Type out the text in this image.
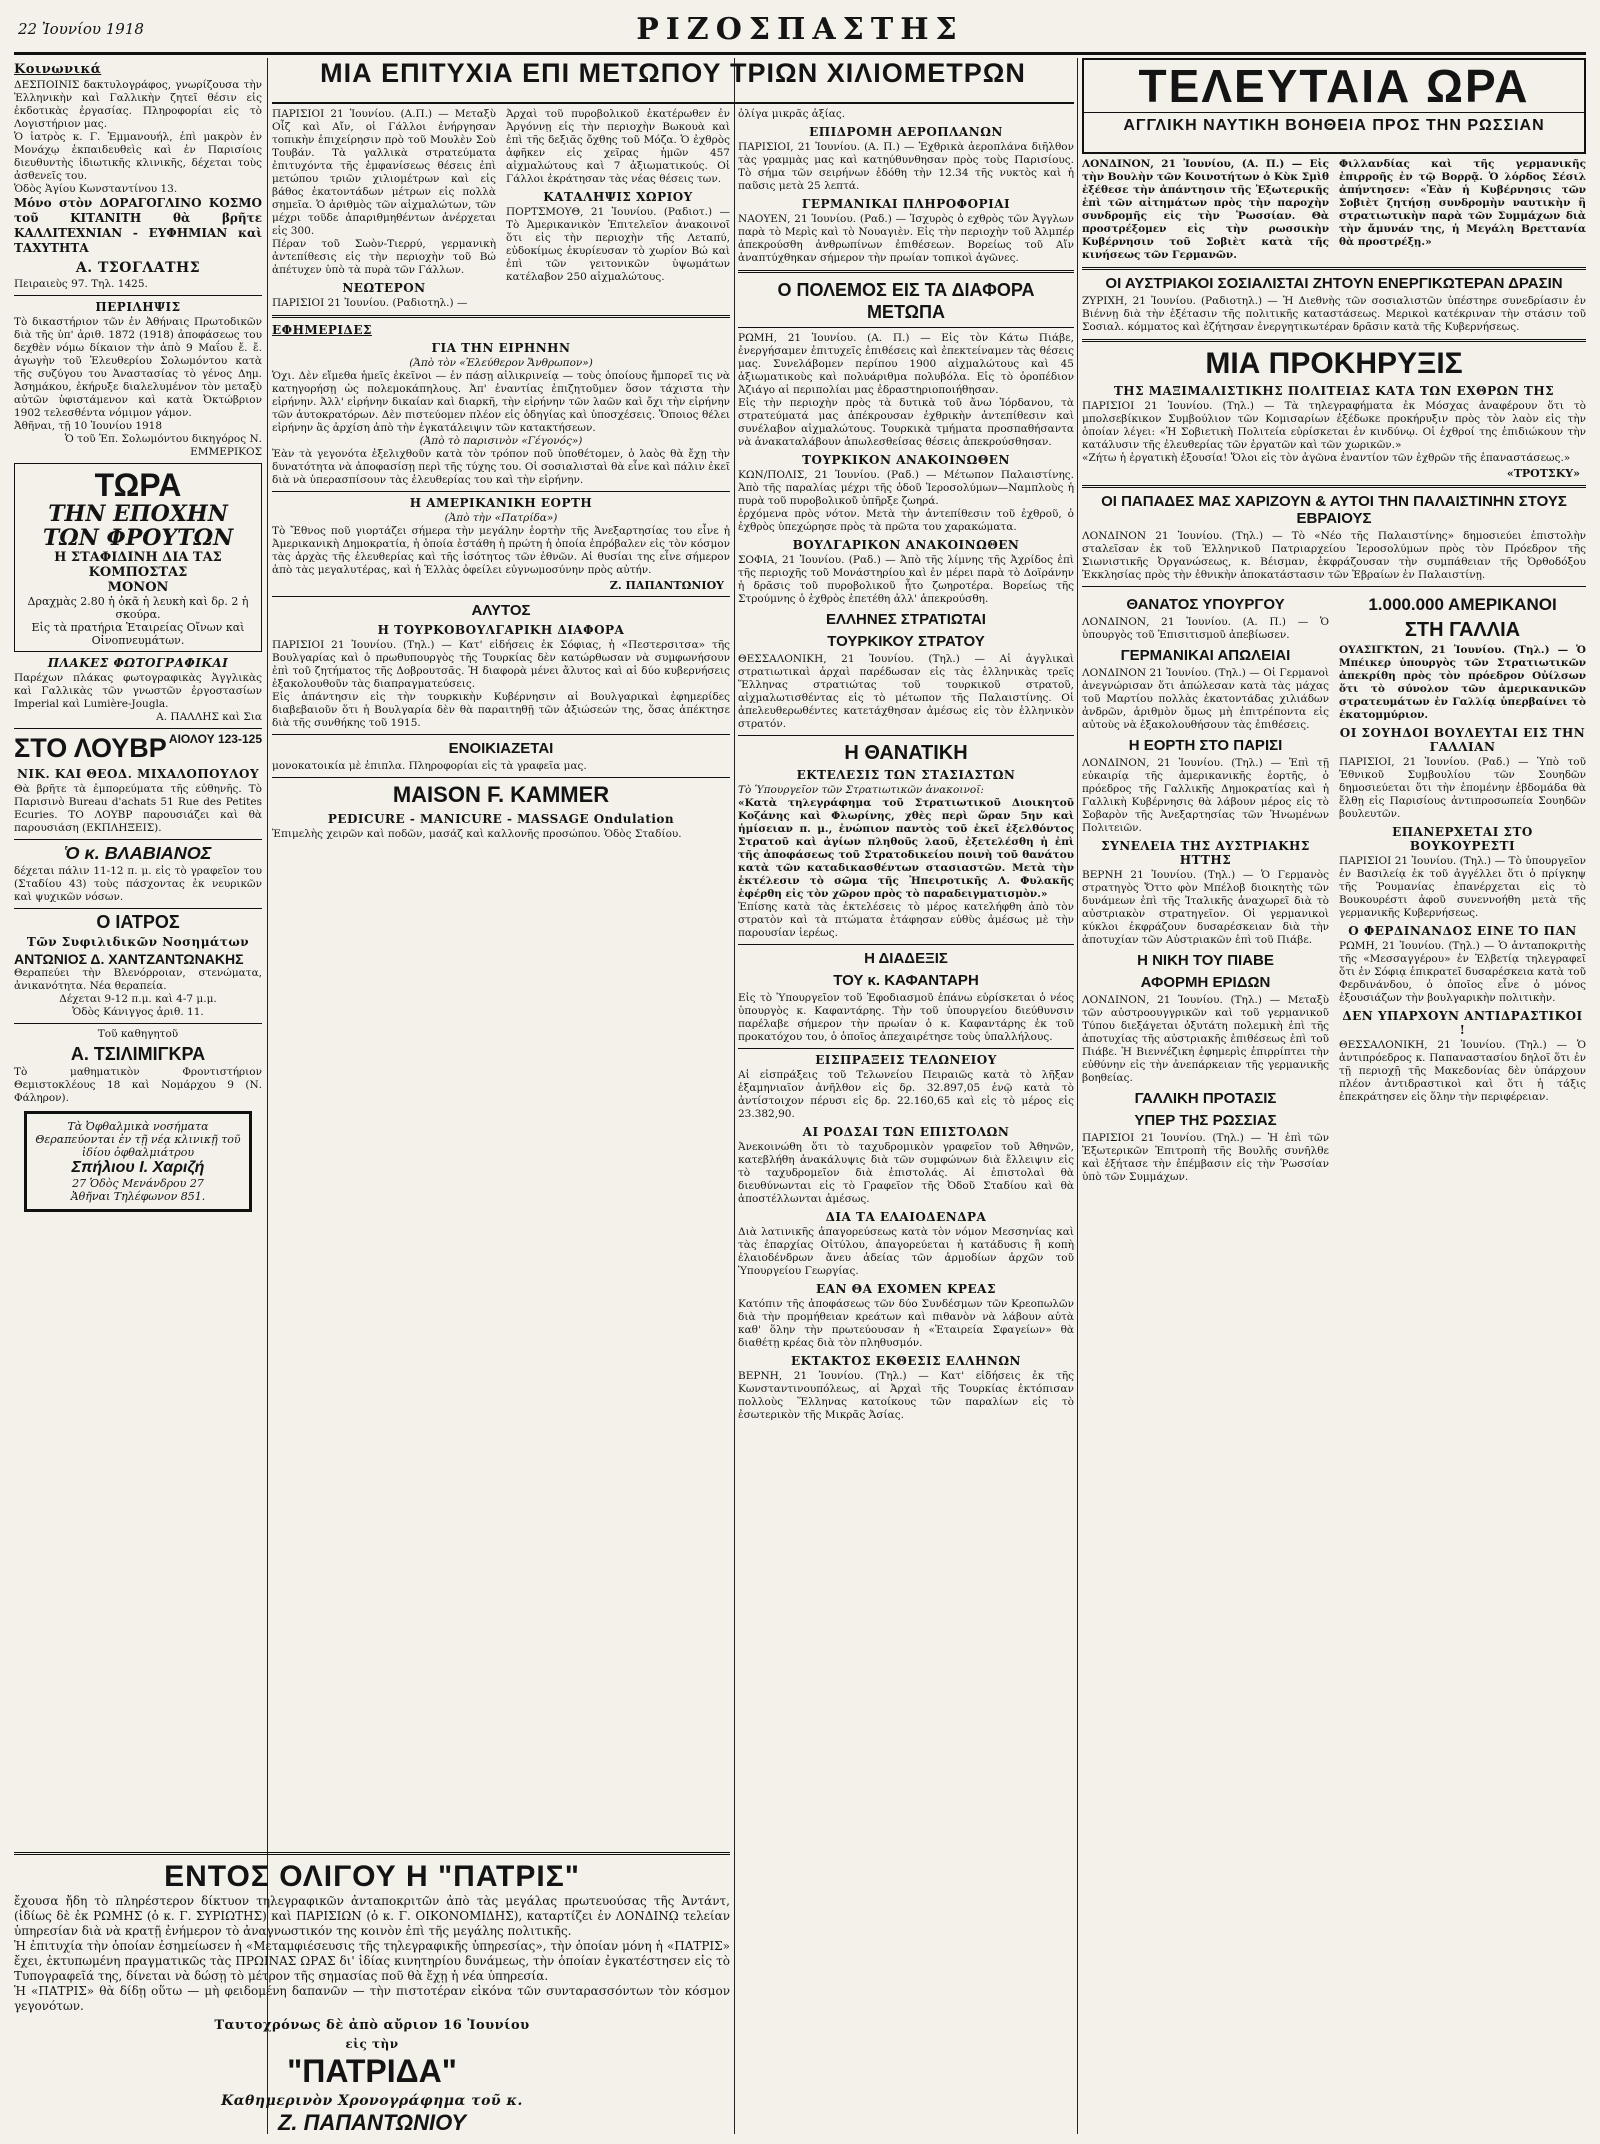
22 Ἰουνίου 1918	ΡΙΖΟΣΠΑΣΤΗΣ
ΜΙΑ ΕΠΙΤΥΧΙΑ ΕΠΙ ΜΕΤΩΠΟΥ ΤΡΙΩΝ ΧΙΛΙΟΜΕΤΡΩΝ
Κοινωνικά

ΔΕΣΠΟΙΝΙΣ δακτυλογράφος, γνωρίζουσα τὴν Ἑλληνικὴν καὶ Γαλλικὴν ζητεῖ θέσιν εἰς ἐκδοτικὰς ἐργασίας. Πληροφορίαι εἰς τὸ Λογιστήριον μας.

Ὁ ἰατρὸς κ. Γ. Ἐμμανουήλ, ἐπὶ μακρὸν ἐν Μονάχῳ ἐκπαιδευθεὶς καὶ ἐν Παρισίοις διευθυντὴς ἰδιωτικῆς κλινικῆς, δέχεται τοὺς ἀσθενεῖς του.

Ὁδὸς Ἁγίου Κωνσταντίνου 13.

Μόνο στὸν ΔΟΡΑΓΟΓΛΙΝΟ ΚΟΣΜΟ τοῦ ΚΙΤΑΝΙΤΗ θὰ βρῆτε ΚΑΛΛΙΤΕΧΝΙΑΝ - ΕΥΦΗΜΙΑΝ καὶ ΤΑΧΥΤΗΤΑ

Α. ΤΣΟΓΛΑΤΗΣ

Πειραιεὺς 97. Τηλ. 1425.

ΠΕΡΙΛΗΨΙΣ

Τὸ δικαστήριον τῶν ἐν Ἀθήναις Πρωτοδικῶν διὰ τῆς ὑπ' ἀριθ. 1872 (1918) ἀποφάσεως του δεχθὲν νόμω δίκαιον τὴν ἀπὸ 9 Μαΐου ἔ. ἔ. ἀγωγὴν τοῦ Ἐλευθερίου Σολωμόντου κατὰ τῆς συζύγου του Ἀναστασίας τὸ γένος Δημ. Ἀσημάκου, ἐκήρυξε διαλελυμένον τὸν μεταξὺ αὐτῶν ὑφιστάμενον καὶ κατὰ Ὀκτώβριον 1902 τελεσθέντα νόμιμον γάμον.

Ἀθῆναι, τῇ 10 Ἰουνίου 1918

Ὁ τοῦ Ἐπ. Σολωμόντου δικηγόρος Ν. ΕΜΜΕΡΙΚΟΣ

ΤΩΡΑ
ΤΗΝ ΕΠΟΧΗΝ ΤΩΝ ΦΡΟΥΤΩΝ
Η ΣΤΑΦΙΔΙΝΗ ΔΙΑ ΤΑΣ ΚΟΜΠΟΣΤΑΣ
ΜΟΝΟΝ
Δραχμὰς 2.80 ἡ ὀκᾶ ἡ λευκὴ καὶ δρ. 2 ἡ σκούρα.
Εἰς τὰ πρατήρια Ἑταιρείας Οἴνων καὶ Οἰνοπνευμάτων.
ΠΛΑΚΕΣ ΦΩΤΟΓΡΑΦΙΚΑΙ

Παρέχων πλάκας φωτογραφικὰς Ἀγγλικὰς καὶ Γαλλικὰς τῶν γνωστῶν ἐργοστασίων Imperial καὶ Lumière-Jougla.

Α. ΠΑΛΛΗΣ καὶ Σια

ΑΙΟΛΟΥ 123-125
ΣΤΟ ΛΟΥΒΡ
ΝΙΚ. ΚΑΙ ΘΕΟΔ. ΜΙΧΑΛΟΠΟΥΛΟΥ

Θὰ βρῆτε τὰ ἐμπορεύματα τῆς εὐθηνῆς. Τὸ Παρισινὸ Bureau d'achats 51 Rue des Petites Ecuries. ΤΟ ΛΟΥΒΡ παρουσιάζει καὶ θὰ παρουσιάση (ΕΚΠΛΗΞΕΙΣ).

Ὁ κ. ΒΛΑΒΙΑΝΟΣ

δέχεται πάλιν 11-12 π. μ. εἰς τὸ γραφεῖον του (Σταδίου 43) τοὺς πάσχοντας ἐκ νευρικῶν καὶ ψυχικῶν νόσων.

Ο ΙΑΤΡΟΣ
Τῶν Συφιλιδικῶν Νοσημάτων
ΑΝΤΩΝΙΟΣ Δ. ΧΑΝΤΖΑΝΤΩΝΑΚΗΣ

Θεραπεύει τὴν Βλενόρροιαν, στενώματα, ἀνικανότητα. Νέα θεραπεία.

Δέχεται 9-12 π.μ. καὶ 4-7 μ.μ.

Ὁδὸς Κάνιγγος ἀριθ. 11.

Τοῦ καθηγητοῦ

Α. ΤΣΙΛΙΜΙΓΚΡΑ

Τὸ μαθηματικὸν Φροντιστήριον Θεμιστοκλέους 18 καὶ Νομάρχου 9 (Ν. Φάληρον).

Τὰ Ὀφθαλμικὰ νοσήματα
Θεραπεύονται ἐν τῇ νέᾳ κλινικῇ τοῦ ἰδίου ὀφθαλμιάτρου
Σπήλιου Ι. Χαριζή
27 Ὁδὸς Μενάνδρου 27
Ἀθῆναι Τηλέφωνον 851.

ΠΑΡΙΣΙΟΙ 21 Ἰουνίου. (Α.Π.) — Μεταξὺ Οἶζ καὶ Αἴν, οἱ Γάλλοι ἐνήργησαν τοπικὴν ἐπιχείρησιν πρὸ τοῦ Μουλὲν Σοὺ Τουβάν. Τὰ γαλλικὰ στρατεύματα ἐπιτυχόντα τῆς ἐμφανίσεως θέσεις ἐπὶ μετώπου τριῶν χιλιομέτρων καὶ εἰς βάθος ἑκατοντάδων μέτρων εἰς πολλὰ σημεῖα. Ὁ ἀριθμὸς τῶν αἰχμαλώτων, τῶν μέχρι τοῦδε ἀπαριθμηθέντων ἀνέρχεται εἰς 300.

Πέραν τοῦ Σωὸν-Τιερρύ, γερμανικὴ ἀντεπίθεσις εἰς τὴν περιοχὴν τοῦ Βώ ἀπέτυχεν ὑπὸ τὰ πυρὰ τῶν Γάλλων.

ΝΕΩΤΕΡΟΝ

ΠΑΡΙΣΙΟΙ 21 Ἰουνίου. (Ραδιοτηλ.) —

Ἀρχαὶ τοῦ πυροβολικοῦ ἑκατέρωθεν ἐν Ἀργόννῃ εἰς τὴν περιοχὴν Βωκουὰ καὶ ἐπὶ τῆς δεξιᾶς ὄχθης τοῦ Μόζα. Ὁ ἐχθρὸς ἀφῆκεν εἰς χεῖρας ἡμῶν 457 αἰχμαλώτους καὶ 7 ἀξιωματικούς. Οἱ Γάλλοι ἐκράτησαν τὰς νέας θέσεις των.

ΚΑΤΑΛΗΨΙΣ ΧΩΡΙΟΥ

ΠΟΡΤΣΜΟΥΘ, 21 Ἰουνίου. (Ραδιοτ.) — Τὸ Ἀμερικανικὸν Ἐπιτελεῖον ἀνακοινοῖ ὅτι εἰς τὴν περιοχὴν τῆς Λεταπύ, εὐδοκίμως ἐκυρίευσαν τὸ χωρίον Βώ καὶ ἐπὶ τῶν γειτονικῶν ὑψωμάτων κατέλαβον 250 αἰχμαλώτους.

ΕΦΗΜΕΡΙΔΕΣ
ΓΙΑ ΤΗΝ ΕΙΡΗΝΗΝ

(Ἀπὸ τὸν «Ἐλεύθερον Ἄνθρωπον»)

Ὁχι. Δὲν εἴμεθα ἡμεῖς ἐκεῖνοι — ἐν πάσῃ αἰλικρινείᾳ — τοὺς ὁποίους ἤμπορεῖ τις νὰ κατηγορήσῃ ὡς πολεμοκάπηλους. Ἀπ' ἐναντίας ἐπιζητοῦμεν ὅσον τάχιστα τὴν εἰρήνην. Ἀλλ' εἰρήνην δικαίαν καὶ διαρκῆ, τὴν εἰρήνην τῶν λαῶν καὶ ὄχι τὴν εἰρήνην τῶν ἀυτοκρατόρων. Δὲν πιστεύομεν πλέον εἰς ὁδηγίας καὶ ὑποσχέσεις. Ὅποιος θέλει εἰρήνην ἂς ἀρχίση ἀπὸ τὴν ἐγκατάλειψιν τῶν κατακτήσεων.

(Ἀπὸ τὸ παρισινὸν «Γέγονός»)

Ἐὰν τὰ γεγονότα ἐξελιχθοῦν κατὰ τὸν τρόπον ποῦ ὑποθέτομεν, ὁ λαὸς θὰ ἔχῃ τὴν δυνατότητα νὰ ἀποφασίσῃ περὶ τῆς τύχης του. Οἱ σοσιαλισταὶ θὰ εἶνε καὶ πάλιν ἐκεῖ διὰ νὰ ὑπερασπίσουν τὰς ἐλευθερίας του καὶ τὴν εἰρήνην.

Η ΑΜΕΡΙΚΑΝΙΚΗ ΕΟΡΤΗ

(Ἀπὸ τὴν «Πατρίδα»)

Τὸ Ἔθνος ποῦ γιορτάζει σήμερα τὴν μεγάλην ἑορτὴν τῆς Ἀνεξαρτησίας του εἶνε ἡ Ἀμερικανικὴ Δημοκρατία, ἡ ὁποία ἐστάθη ἡ πρώτη ἡ ὁποία ἐπρόβαλεν εἰς τὸν κόσμον τὰς ἀρχὰς τῆς ἐλευθερίας καὶ τῆς ἰσότητος τῶν ἐθνῶν. Αἱ θυσίαι της εἶνε σήμερον ἀπὸ τὰς μεγαλυτέρας, καὶ ἡ Ἑλλὰς ὀφείλει εὐγνωμοσύνην πρὸς αὐτήν.

Ζ. ΠΑΠΑΝΤΩΝΙΟΥ
ΑΛΥΤΟΣ
Η ΤΟΥΡΚΟΒΟΥΛΓΑΡΙΚΗ ΔΙΑΦΟΡΑ

ΠΑΡΙΣΙΟΙ 21 Ἰουνίου. (Τηλ.) — Κατ' εἰδήσεις ἐκ Σόφιας, ἡ «Πεστερσιτσα» τῆς Βουλγαρίας καὶ ὁ πρωθυπουργὸς τῆς Τουρκίας δὲν κατώρθωσαν νὰ συμφωνήσουν ἐπὶ τοῦ ζητήματος τῆς Δοβρουτσᾶς. Ἡ διαφορὰ μένει ἄλυτος καὶ αἱ δύο κυβερνήσεις ἐξακολουθοῦν τὰς διαπραγματεύσεις.

Εἰς ἀπάντησιν εἰς τὴν τουρκικὴν Κυβέρνησιν αἱ Βουλγαρικαὶ ἐφημερίδες διαβεβαιοῦν ὅτι ἡ Βουλγαρία δὲν θὰ παραιτηθῇ τῶν ἀξιώσεών της, ὅσας ἀπέκτησε διὰ τῆς συνθήκης τοῦ 1915.

ΕΝΟΙΚΙΑΖΕΤΑΙ

μονοκατοικία μὲ ἐπιπλα. Πληροφορίαι εἰς τὰ γραφεῖα μας.

MAISON F. KAMMER
PEDICURE - MANICURE - MASSAGE Ondulation

Ἐπιμελὴς χειρῶν καὶ ποδῶν, μασάζ καὶ καλλονῆς προσώπου. Ὁδὸς Σταδίου.

ΕΝΤΟΣ ΟΛΙΓΟΥ Η "ΠΑΤΡΙΣ"

ἔχουσα ἤδη τὸ πληρέστερον δίκτυον τηλεγραφικῶν ἀνταποκριτῶν ἀπὸ τὰς μεγάλας πρωτευούσας τῆς Ἀντάντ, (ἰδίως δὲ ἐκ ΡΩΜΗΣ (ὁ κ. Γ. ΣΥΡΙΩΤΗΣ) καὶ ΠΑΡΙΣΙΩΝ (ὁ κ. Γ. ΟΙΚΟΝΟΜΙΔΗΣ), καταρτίζει ἐν ΛΟΝΔΙΝῼ τελείαν ὑπηρεσίαν διὰ νὰ κρατῇ ἐνήμερον τὸ ἀναγνωστικόν της κοινὸν ἐπὶ τῆς μεγάλης πολιτικῆς.

Ἡ ἐπιτυχία τὴν ὁποίαν ἐσημείωσεν ἡ «Μεταμφιέσευσις τῆς τηλεγραφικῆς ὑπηρεσίας», τὴν ὁποίαν μόνη ἡ «ΠΑΤΡΙΣ» ἔχει, ἐκτυπωμένη πραγματικῶς τὰς ΠΡΩΙΝΑΣ ΩΡΑΣ δι' ἰδίας κινητηρίου δυνάμεως, τὴν ὁποίαν ἐγκατέστησεν εἰς τὸ Τυπογραφεῖά της, δίνεται νὰ δώσῃ τὸ μέτρον τῆς σημασίας ποῦ θὰ ἔχῃ ἡ νέα ὑπηρεσία.

Ἡ «ΠΑΤΡΙΣ» θὰ δίδῃ οὕτω — μὴ φειδομένη δαπανῶν — τὴν πιστοτέραν εἰκόνα τῶν συνταρασσόντων τὸν κόσμον γεγονότων.

Ταυτοχρόνως δὲ ἀπὸ αὔριον 16 Ἰουνίου
εἰς τὴν
"ΠΑΤΡΙΔΑ"
Καθημερινὸν Χρονογράφημα τοῦ κ.
Ζ. ΠΑΠΑΝΤΩΝΙΟΥ

ὀλίγα μικρᾶς ἀξίας.

ΕΠΙΔΡΟΜΗ ΑΕΡΟΠΛΑΝΩΝ

ΠΑΡΙΣΙΟΙ, 21 Ἰουνίου. (Α. Π.) — Ἐχθρικὰ ἀεροπλάνα διῆλθον τὰς γραμμὰς μας καὶ κατηύθυνθησαν πρὸς τοὺς Παρισίους. Τὸ σήμα τῶν σειρήνων ἐδόθη τὴν 12.34 τῆς νυκτὸς καὶ ἡ παῦσις μετὰ 25 λεπτά.

ΓΕΡΜΑΝΙΚΑΙ ΠΛΗΡΟΦΟΡΙΑΙ

ΝΑΟΥΕΝ, 21 Ἰουνίου. (Ραδ.) — Ἰσχυρὸς ὁ εχθρὸς τῶν Ἀγγλων παρὰ τὸ Μερὶς καὶ τὸ Νουαγιὲν. Εἰς τὴν περιοχὴν τοῦ Ἀλμπέρ ἀπεκρούσθη ἀνθρωπίνων ἐπιθέσεων. Βορείως τοῦ Αἴν ἀναπτύχθηκαν σήμερον τὴν πρωίαν τοπικοὶ ἀγῶνες.

Ο ΠΟΛΕΜΟΣ ΕΙΣ ΤΑ ΔΙΑΦΟΡΑ ΜΕΤΩΠΑ

ΡΩΜΗ, 21 Ἰουνίου. (Α. Π.) — Εἰς τὸν Κάτω Πιάβε, ἐνεργήσαμεν ἐπιτυχεῖς ἐπιθέσεις καὶ ἐπεκτείναμεν τὰς θέσεις μας. Συνελάβομεν περίπου 1900 αἰχμαλώτους καὶ 45 ἀξιωματικοὺς καὶ πολυάριθμα πολυβόλα. Εἰς τὸ ὀροπέδιον Ἀζιάγο αἱ περιπολίαι μας ἐδραστηριοποιήθησαν.

Εἰς τὴν περιοχὴν πρὸς τὰ δυτικὰ τοῦ ἄνω Ἰόρδανου, τὰ στρατεύματά μας ἀπέκρουσαν ἐχθρικὴν ἀντεπίθεσιν καὶ συνέλαβον αἰχμαλώτους. Τουρκικὰ τμήματα προσπαθήσαντα νὰ ἀνακαταλάβουν ἀπωλεσθείσας θέσεις ἀπεκρούσθησαν.

ΤΟΥΡΚΙΚΟΝ ΑΝΑΚΟΙΝΩΘΕΝ

ΚΩΝ/ΠΟΛΙΣ, 21 Ἰουνίου. (Ραδ.) — Μέτωπον Παλαιστίνης. Ἀπὸ τῆς παραλίας μέχρι τῆς ὁδοῦ Ἱεροσολύμων—Ναμπλοὺς ἡ πυρὰ τοῦ πυροβολικοῦ ὑπῆρξε ζωηρά.

ἐρχόμενα πρὸς νότον. Μετὰ τὴν ἀντεπίθεσιν τοῦ ἐχθροῦ, ὁ ἐχθρὸς ὑπεχώρησε πρὸς τὰ πρῶτα του χαρακώματα.

ΒΟΥΛΓΑΡΙΚΟΝ ΑΝΑΚΟΙΝΩΘΕΝ

ΣΟΦΙΑ, 21 Ἰουνίου. (Ραδ.) — Ἀπὸ τῆς λίμνης τῆς Ἀχρίδος ἐπὶ τῆς περιοχῆς τοῦ Μονάστηρίου καὶ ἐν μέρει παρὰ τὸ Δοϊράνην ἡ δρᾶσις τοῦ πυροβολικοῦ ἦτο ζωηροτέρα. Βορείως τῆς Στρούμνης ὁ ἐχθρὸς ἐπετέθη ἀλλ' ἀπεκρούσθη.

ΕΛΛΗΝΕΣ ΣΤΡΑΤΙΩΤΑΙ
ΤΟΥΡΚΙΚΟΥ ΣΤΡΑΤΟΥ

ΘΕΣΣΑΛΟΝΙΚΗ, 21 Ἰουνίου. (Τηλ.) — Αἱ ἀγγλικαὶ στρατιωτικαὶ ἀρχαὶ παρέδωσαν εἰς τὰς ἑλληνικὰς τρεῖς Ἕλληνας στρατιώτας τοῦ τουρκικοῦ στρατοῦ, αἰχμαλωτισθέντας εἰς τὸ μέτωπον τῆς Παλαιστίνης. Οἱ ἀπελευθερωθέντες κατετάχθησαν ἀμέσως εἰς τὸν ἑλληνικὸν στρατόν.

Η ΘΑΝΑΤΙΚΗ
ΕΚΤΕΛΕΣΙΣ ΤΩΝ ΣΤΑΣΙΑΣΤΩΝ

Τὸ Ὑπουργεῖον τῶν Στρατιωτικῶν ἀνακοινοῖ:

«Κατὰ τηλεγράφημα τοῦ Στρατιωτικοῦ Διοικητοῦ Κοζάνης καὶ Φλωρίνης, χθὲς περὶ ὥραν 5ην καὶ ἡμίσειαν π. μ., ἐνώπιον παντὸς τοῦ ἐκεῖ ἐξελθόντος Στρατοῦ καὶ ἀγίων πληθοῦς λαοῦ, ἐξετελέσθη ἡ ἐπὶ τῆς ἀποφάσεως τοῦ Στρατοδικείου ποινὴ τοῦ θανάτου κατὰ τῶν καταδικασθέντων στασιαστῶν. Μετὰ τὴν ἐκτέλεσιν τὸ σῶμα τῆς Ἠπειροτικῆς Λ. Φυλακῆς ἐφέρθη εἰς τὸν χῶρον πρὸς τὸ παραδειγματισμὸν.»

Ἐπίσης κατὰ τὰς ἐκτελέσεις τὸ μέρος κατελήφθη ἀπὸ τὸν στρατὸν καὶ τὰ πτώματα ἐτάφησαν εὐθὺς ἀμέσως μὲ τὴν παρουσίαν ἰερέως.

Η ΔΙΑΔΕΞΙΣ
ΤΟΥ κ. ΚΑΦΑΝΤΑΡΗ

Εἰς τὸ Ὑπουργεῖον τοῦ Ἐφοδιασμοῦ ἐπάνω εὑρίσκεται ὁ νέος ὑπουργὸς κ. Καφαντάρης. Τὴν τοῦ ὑπουργείου διεύθυνσιν παρέλαβε σήμερον τὴν πρωίαν ὁ κ. Καφαντάρης ἐκ τοῦ προκατόχου του, ὁ ὁποῖος ἀπεχαιρέτησε τοὺς ὑπαλλήλους.

ΕΙΣΠΡΑΞΕΙΣ ΤΕΛΩΝΕΙΟΥ

Αἱ εἰσπράξεις τοῦ Τελωνείου Πειραιῶς κατὰ τὸ λῆξαν ἑξαμηνιαῖον ἀνῆλθον εἰς δρ. 32.897,05 ἐνῷ κατὰ τὸ ἀντίστοιχον πέρυσι εἰς δρ. 22.160,65 καὶ εἰς τὸ μέρος εἰς 23.382,90.

ΑΙ ΡΟΔΣΑΙ ΤΩΝ ΕΠΙΣΤΟΛΩΝ

Ἀνεκοινώθη ὅτι τὸ ταχυδρομικὸν γραφεῖον τοῦ Ἀθηνῶν, κατεβλήθη ἀνακάλυψις διὰ τῶν συμφώνων διὰ ἔλλειψιν εἰς τὸ ταχυδρομεῖον διὰ ἐπιστολάς. Αἱ ἐπιστολαὶ θὰ διευθύνωνται εἰς τὸ Γραφεῖον τῆς Ὀδοῦ Σταδίου καὶ θὰ ἀποστέλλωνται ἀμέσως.

ΔΙΑ ΤΑ ΕΛΑΙΟΔΕΝΔΡΑ

Διὰ λατινικῆς ἀπαγορεύσεως κατὰ τὸν νόμον Μεσσηνίας καὶ τὰς ἐπαρχίας Οἰτύλου, ἀπαγορεύεται ἡ κατάδυσις ἢ κοπὴ ἐλαιοδένδρων ἄνευ ἀδείας τῶν ἀρμοδίων ἀρχῶν τοῦ Ὑπουργείου Γεωργίας.

ΕΑΝ ΘΑ ΕΧΟΜΕΝ ΚΡΕΑΣ

Κατόπιν τῆς ἀποφάσεως τῶν δύο Συνδέσμων τῶν Κρεοπωλῶν διὰ τὴν προμήθειαν κρεάτων καὶ πιθανὸν νὰ λάβουν αὐτὰ καθ' ὅλην τὴν πρωτεύουσαν ἡ «Ἑταιρεία Σφαγείων» θὰ διαθέτῃ κρέας διὰ τὸν πληθυσμόν.

ΕΚΤΑΚΤΟΣ ΕΚΘΕΣΙΣ ΕΛΛΗΝΩΝ

ΒΕΡΝΗ, 21 Ἰουνίου. (Τηλ.) — Κατ' εἰδήσεις ἐκ τῆς Κωνσταντινουπόλεως, αἱ Ἀρχαὶ τῆς Τουρκίας ἐκτόπισαν πολλοὺς Ἕλληνας κατοίκους τῶν παραλίων εἰς τὸ ἐσωτερικὸν τῆς Μικρᾶς Ἀσίας.

ΤΕΛΕΥΤΑΙΑ ΩΡΑ
ΑΓΓΛΙΚΗ ΝΑΥΤΙΚΗ ΒΟΗΘΕΙΑ ΠΡΟΣ ΤΗΝ ΡΩΣΣΙΑΝ

ΛΟΝΔΙΝΟΝ, 21 Ἰουνίου, (Α. Π.) — Εἰς τὴν Βουλὴν τῶν Κοινοτήτων ὁ Κὺκ Σμὶθ ἐξέθεσε τὴν ἀπάντησιν τῆς Ἑξωτερικῆς ἐπὶ τῶν αἰτημάτων πρὸς τὴν παροχὴν συνδρομῆς εἰς τὴν Ῥωσσίαν. Θὰ προστρέξομεν εἰς τὴν ρωσσικὴν Κυβέρνησιν τοῦ Σοβιὲτ κατὰ τῆς κινήσεως τῶν Γερμανῶν.

Φιλλανδίας καὶ τῆς γερμανικῆς ἐπιρροῆς ἐν τῷ Βορρᾷ. Ὁ λόρδος Σέσιλ ἀπήντησεν: «Ἐὰν ἡ Κυβέρνησις τῶν Σοβιὲτ ζητήσῃ συνδρομὴν ναυτικὴν ἢ στρατιωτικὴν παρὰ τῶν Συμμάχων διὰ τὴν ἄμυνάν της, ἡ Μεγάλη Βρεττανία θὰ προστρέξῃ.»

ΟΙ ΑΥΣΤΡΙΑΚΟΙ ΣΟΣΙΑΛΙΣΤΑΙ ΖΗΤΟΥΝ ΕΝΕΡΓΙΚΩΤΕΡΑΝ ΔΡΑΣΙΝ

ΖΥΡΙΧΗ, 21 Ἰουνίου. (Ραδιοτηλ.) — Ἡ Διεθνὴς τῶν σοσιαλιστῶν ὑπέστηρε συνεδρίασιν ἐν Βιέννῃ διὰ τὴν ἐξέτασιν τῆς πολιτικῆς καταστάσεως. Μερικοὶ κατέκριναν τὴν στάσιν τοῦ Σοσιαλ. κόμματος καὶ ἐζήτησαν ἐνεργητικωτέραν δρᾶσιν κατὰ τῆς Κυβερνήσεως.

ΜΙΑ ΠΡΟΚΗΡΥΞΙΣ
ΤΗΣ ΜΑΞΙΜΑΛΙΣΤΙΚΗΣ ΠΟΛΙΤΕΙΑΣ ΚΑΤΑ ΤΩΝ ΕΧΘΡΩΝ ΤΗΣ

ΠΑΡΙΣΙΟΙ 21 Ἰουνίου. (Τηλ.) — Τὰ τηλεγραφήματα ἐκ Μόσχας ἀναφέρουν ὅτι τὸ μπολσεβίκικον Συμβούλιον τῶν Κομισαρίων ἐξέδωκε προκήρυξιν πρὸς τὸν λαὸν εἰς τὴν ὁποίαν λέγει: «Ἡ Σοβιετικὴ Πολιτεία εὑρίσκεται ἐν κινδύνῳ. Οἱ ἐχθροί της ἐπιδιώκουν τὴν κατάλυσιν τῆς ἐλευθερίας τῶν ἐργατῶν καὶ τῶν χωρικῶν.»

«Ζήτω ἡ ἐργατικὴ ἐξουσία! Ὅλοι εἰς τὸν ἀγῶνα ἐναντίον τῶν ἐχθρῶν τῆς ἐπαναστάσεως.»

«ΤΡΟΤΣΚΥ»
ΟΙ ΠΑΠΑΔΕΣ ΜΑΣ ΧΑΡΙΖΟΥΝ & ΑΥΤΟΙ ΤΗΝ ΠΑΛΑΙΣΤΙΝΗΝ ΣΤΟΥΣ ΕΒΡΑΙΟΥΣ

ΛΟΝΔΙΝΟΝ 21 Ἰουνίου. (Τηλ.) — Τὸ «Νέο τῆς Παλαιστίνης» δημοσιεύει ἐπιστολὴν σταλεῖσαν ἐκ τοῦ Ἑλληνικοῦ Πατριαρχείου Ἱεροσολύμων πρὸς τὸν Πρόεδρον τῆς Σιωνιστικῆς Ὀργανώσεως, κ. Βέισμαν, ἐκφράζουσαν τὴν συμπάθειαν τῆς Ὀρθοδόξου Ἐκκλησίας πρὸς τὴν ἐθνικὴν ἀποκατάστασιν τῶν Ἑβραίων ἐν Παλαιστίνῃ.

ΘΑΝΑΤΟΣ ΥΠΟΥΡΓΟΥ

ΛΟΝΔΙΝΟΝ, 21 Ἰουνίου. (Α. Π.) — Ὁ ὑπουργὸς τοῦ Ἐπισιτισμοῦ ἀπεβίωσεν.

ΓΕΡΜΑΝΙΚΑΙ ΑΠΩΛΕΙΑΙ

ΛΟΝΔΙΝΟΝ 21 Ἰουνίου. (Τηλ.) — Οἱ Γερμανοὶ ἀνεγνώρισαν ὅτι ἀπώλεσαν κατὰ τὰς μάχας τοῦ Μαρτίου πολλὰς ἑκατοντάδας χιλιάδων ἀνδρῶν, ἀριθμὸν ὅμως μὴ ἐπιτρέποντα εἰς αὐτοὺς νὰ ἐξακολουθήσουν τὰς ἐπιθέσεις.

Η ΕΟΡΤΗ ΣΤΟ ΠΑΡΙΣΙ

ΛΟΝΔΙΝΟΝ, 21 Ἰουνίου. (Τηλ.) — Ἐπὶ τῇ εὐκαιρίᾳ τῆς ἀμερικανικῆς ἑορτῆς, ὁ πρόεδρος τῆς Γαλλικῆς Δημοκρατίας καὶ ἡ Γαλλικὴ Κυβέρνησις θὰ λάβουν μέρος εἰς τὸ Σοβαρὸν τῆς Ἀνεξαρτησίας τῶν Ἡνωμένων Πολιτειῶν.

ΣΥΝΕΛΕΙΑ ΤΗΣ ΑΥΣΤΡΙΑΚΗΣ ΗΤΤΗΣ

ΒΕΡΝΗ 21 Ἰουνίου. (Τηλ.) — Ὁ Γερμανὸς στρατηγὸς Ὄττο φὸν Μπέλοβ διοικητὴς τῶν δυνάμεων ἐπὶ τῆς Ἰταλικῆς ἀναχωρεῖ διὰ τὸ αὐστριακὸν στρατηγεῖον. Οἱ γερμανικοὶ κύκλοι ἐκφράζουν δυσαρέσκειαν διὰ τὴν ἀποτυχίαν τῶν Αὐστριακῶν ἐπὶ τοῦ Πιάβε.

Η ΝΙΚΗ ΤΟΥ ΠΙΑΒΕ
ΑΦΟΡΜΗ ΕΡΙΔΩΝ

ΛΟΝΔΙΝΟΝ, 21 Ἰουνίου. (Τηλ.) — Μεταξὺ τῶν αὐστροουγγρικῶν καὶ τοῦ γερμανικοῦ Τύπου διεξάγεται ὀξυτάτη πολεμικὴ ἐπὶ τῆς ἀποτυχίας τῆς αὐστριακῆς ἐπιθέσεως ἐπὶ τοῦ Πιάβε. Ἡ Βιεννέζικη ἐφημερὶς ἐπιρρίπτει τὴν εὐθύνην εἰς τὴν ἀνεπάρκειαν τῆς γερμανικῆς βοηθείας.

ΓΑΛΛΙΚΗ ΠΡΟΤΑΣΙΣ
ΥΠΕΡ ΤΗΣ ΡΩΣΣΙΑΣ

ΠΑΡΙΣΙΟΙ 21 Ἰουνίου. (Τηλ.) — Ἡ ἐπὶ τῶν Ἐξωτερικῶν Ἐπιτροπὴ τῆς Βουλῆς συνῆλθε καὶ ἐξήτασε τὴν ἐπέμβασιν εἰς τὴν Ῥωσσίαν ὑπὸ τῶν Συμμάχων.

1.000.000 ΑΜΕΡΙΚΑΝΟΙ
ΣΤΗ ΓΑΛΛΙΑ

ΟΥΑΣΙΓΚΤΩΝ, 21 Ἰουνίου. (Τηλ.) — Ὁ Μπέικερ ὑπουργὸς τῶν Στρατιωτικῶν ἀπεκρίθη πρὸς τὸν πρόεδρον Οὐίλσων ὅτι τὸ σύνολον τῶν ἀμερικανικῶν στρατευμάτων ἐν Γαλλίᾳ ὑπερβαίνει τὸ ἑκατομμύριον.

ΟΙ ΣΟΥΗΔΟΙ ΒΟΥΛΕΥΤΑΙ ΕΙΣ ΤΗΝ ΓΑΛΛΙΑΝ

ΠΑΡΙΣΙΟΙ, 21 Ἰουνίου. (Ραδ.) — Ὑπὸ τοῦ Ἐθνικοῦ Συμβουλίου τῶν Σουηδῶν δημοσιεύεται ὅτι τὴν ἑπομένην ἑβδομάδα θὰ ἔλθῃ εἰς Παρισίους ἀντιπροσωπεία Σουηδῶν βουλευτῶν.

ΕΠΑΝΕΡΧΕΤΑΙ ΣΤΟ ΒΟΥΚΟΥΡΕΣΤΙ

ΠΑΡΙΣΙΟΙ 21 Ἰουνίου. (Τηλ.) — Τὸ ὑπουργεῖον ἐν Βασιλείᾳ ἐκ τοῦ ἀγγέλλει ὅτι ὁ πρίγκηψ τῆς Ῥουμανίας ἐπανέρχεται εἰς τὸ Βουκουρέστι ἀφοῦ συνεννοήθη μετὰ τῆς γερμανικῆς Κυβερνήσεως.

Ο ΦΕΡΔΙΝΑΝΔΟΣ ΕΙΝΕ ΤΟ ΠΑΝ

ΡΩΜΗ, 21 Ἰουνίου. (Τηλ.) — Ὁ ἀνταποκριτὴς τῆς «Μεσσαγγέρου» ἐν Ἑλβετίᾳ τηλεγραφεῖ ὅτι ἐν Σόφιᾳ ἐπικρατεῖ δυσαρέσκεια κατὰ τοῦ Φερδινάνδου, ὁ ὁποῖος εἶνε ὁ μόνος ἐξουσιάζων τὴν βουλγαρικὴν πολιτικὴν.

ΔΕΝ ΥΠΑΡΧΟΥΝ ΑΝΤΙΔΡΑΣΤΙΚΟΙ !

ΘΕΣΣΑΛΟΝΙΚΗ, 21 Ἰουνίου. (Τηλ.) — Ὁ ἀντιπρόεδρος κ. Παπαναστασίου δηλοῖ ὅτι ἐν τῇ περιοχῇ τῆς Μακεδονίας δὲν ὑπάρχουν πλέον ἀντιδραστικοὶ καὶ ὅτι ἡ τάξις ἐπεκράτησεν εἰς ὅλην τὴν περιφέρειαν.
